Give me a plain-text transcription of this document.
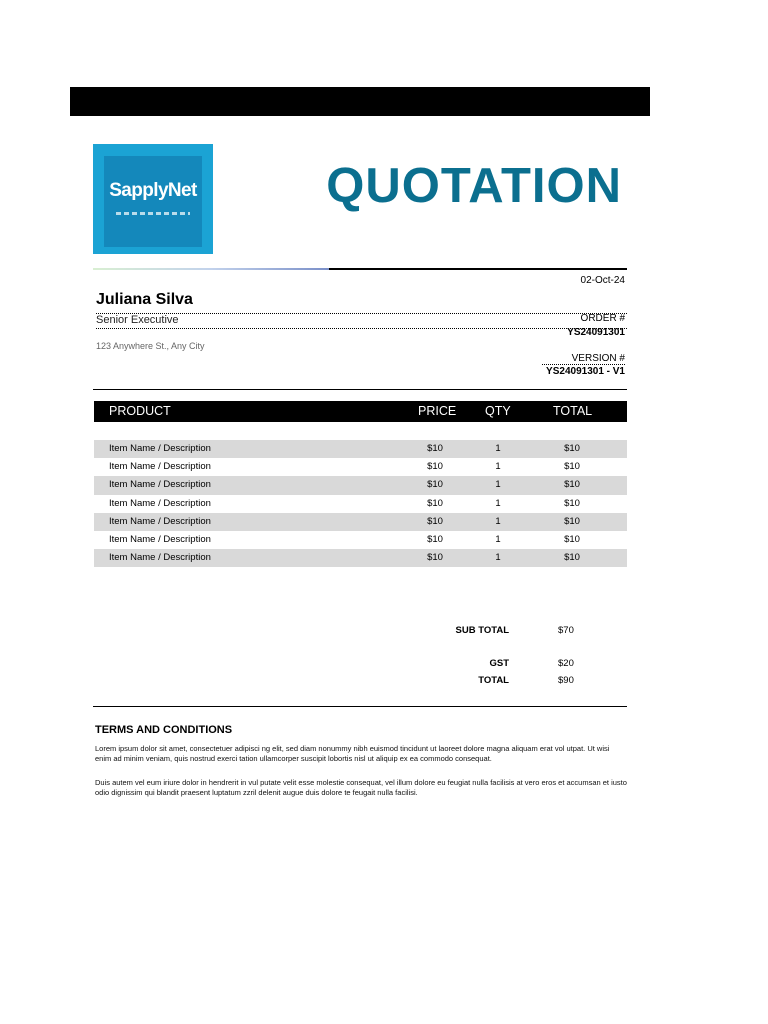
SapplyNet	QUOTATION
02-Oct-24
Juliana Silva
Senior Executive	ORDER #
YS24091301
123 Anywhere St., Any City
VERSION #
YS24091301 - V1
PRODUCT	PRICE QTY	TOTAL
Item Name / Description	$10	1	$10
Item Name / Description	$10	1	$10
Item Name / Description	$10	1	$10
Item Name / Description	$10	1	$10
Item Name / Description	$10	1	$10
Item Name / Description	$10	1	$10
Item Name / Description	$10	1	$10
SUB TOTAL	$70
GST	$20
TOTAL	$90
TERMS AND CONDITIONS
Lorem ipsum dolor sit amet, consectetuer adipisci ng elit, sed diam nonummy nibh euismod tincidunt ut laoreet dolore magna aliquam erat vol utpat. Ut wisi enim ad minim veniam, quis nostrud exerci tation ullamcorper suscipit lobortis nisl ut aliquip ex ea commodo consequat.
Duis autem vel eum iriure dolor in hendrerit in vul putate velit esse molestie consequat, vel illum dolore eu feugiat nulla facilisis at vero eros et accumsan et iusto odio dignissim qui blandit praesent luptatum zzril delenit augue duis dolore te feugait nulla facilisi.
